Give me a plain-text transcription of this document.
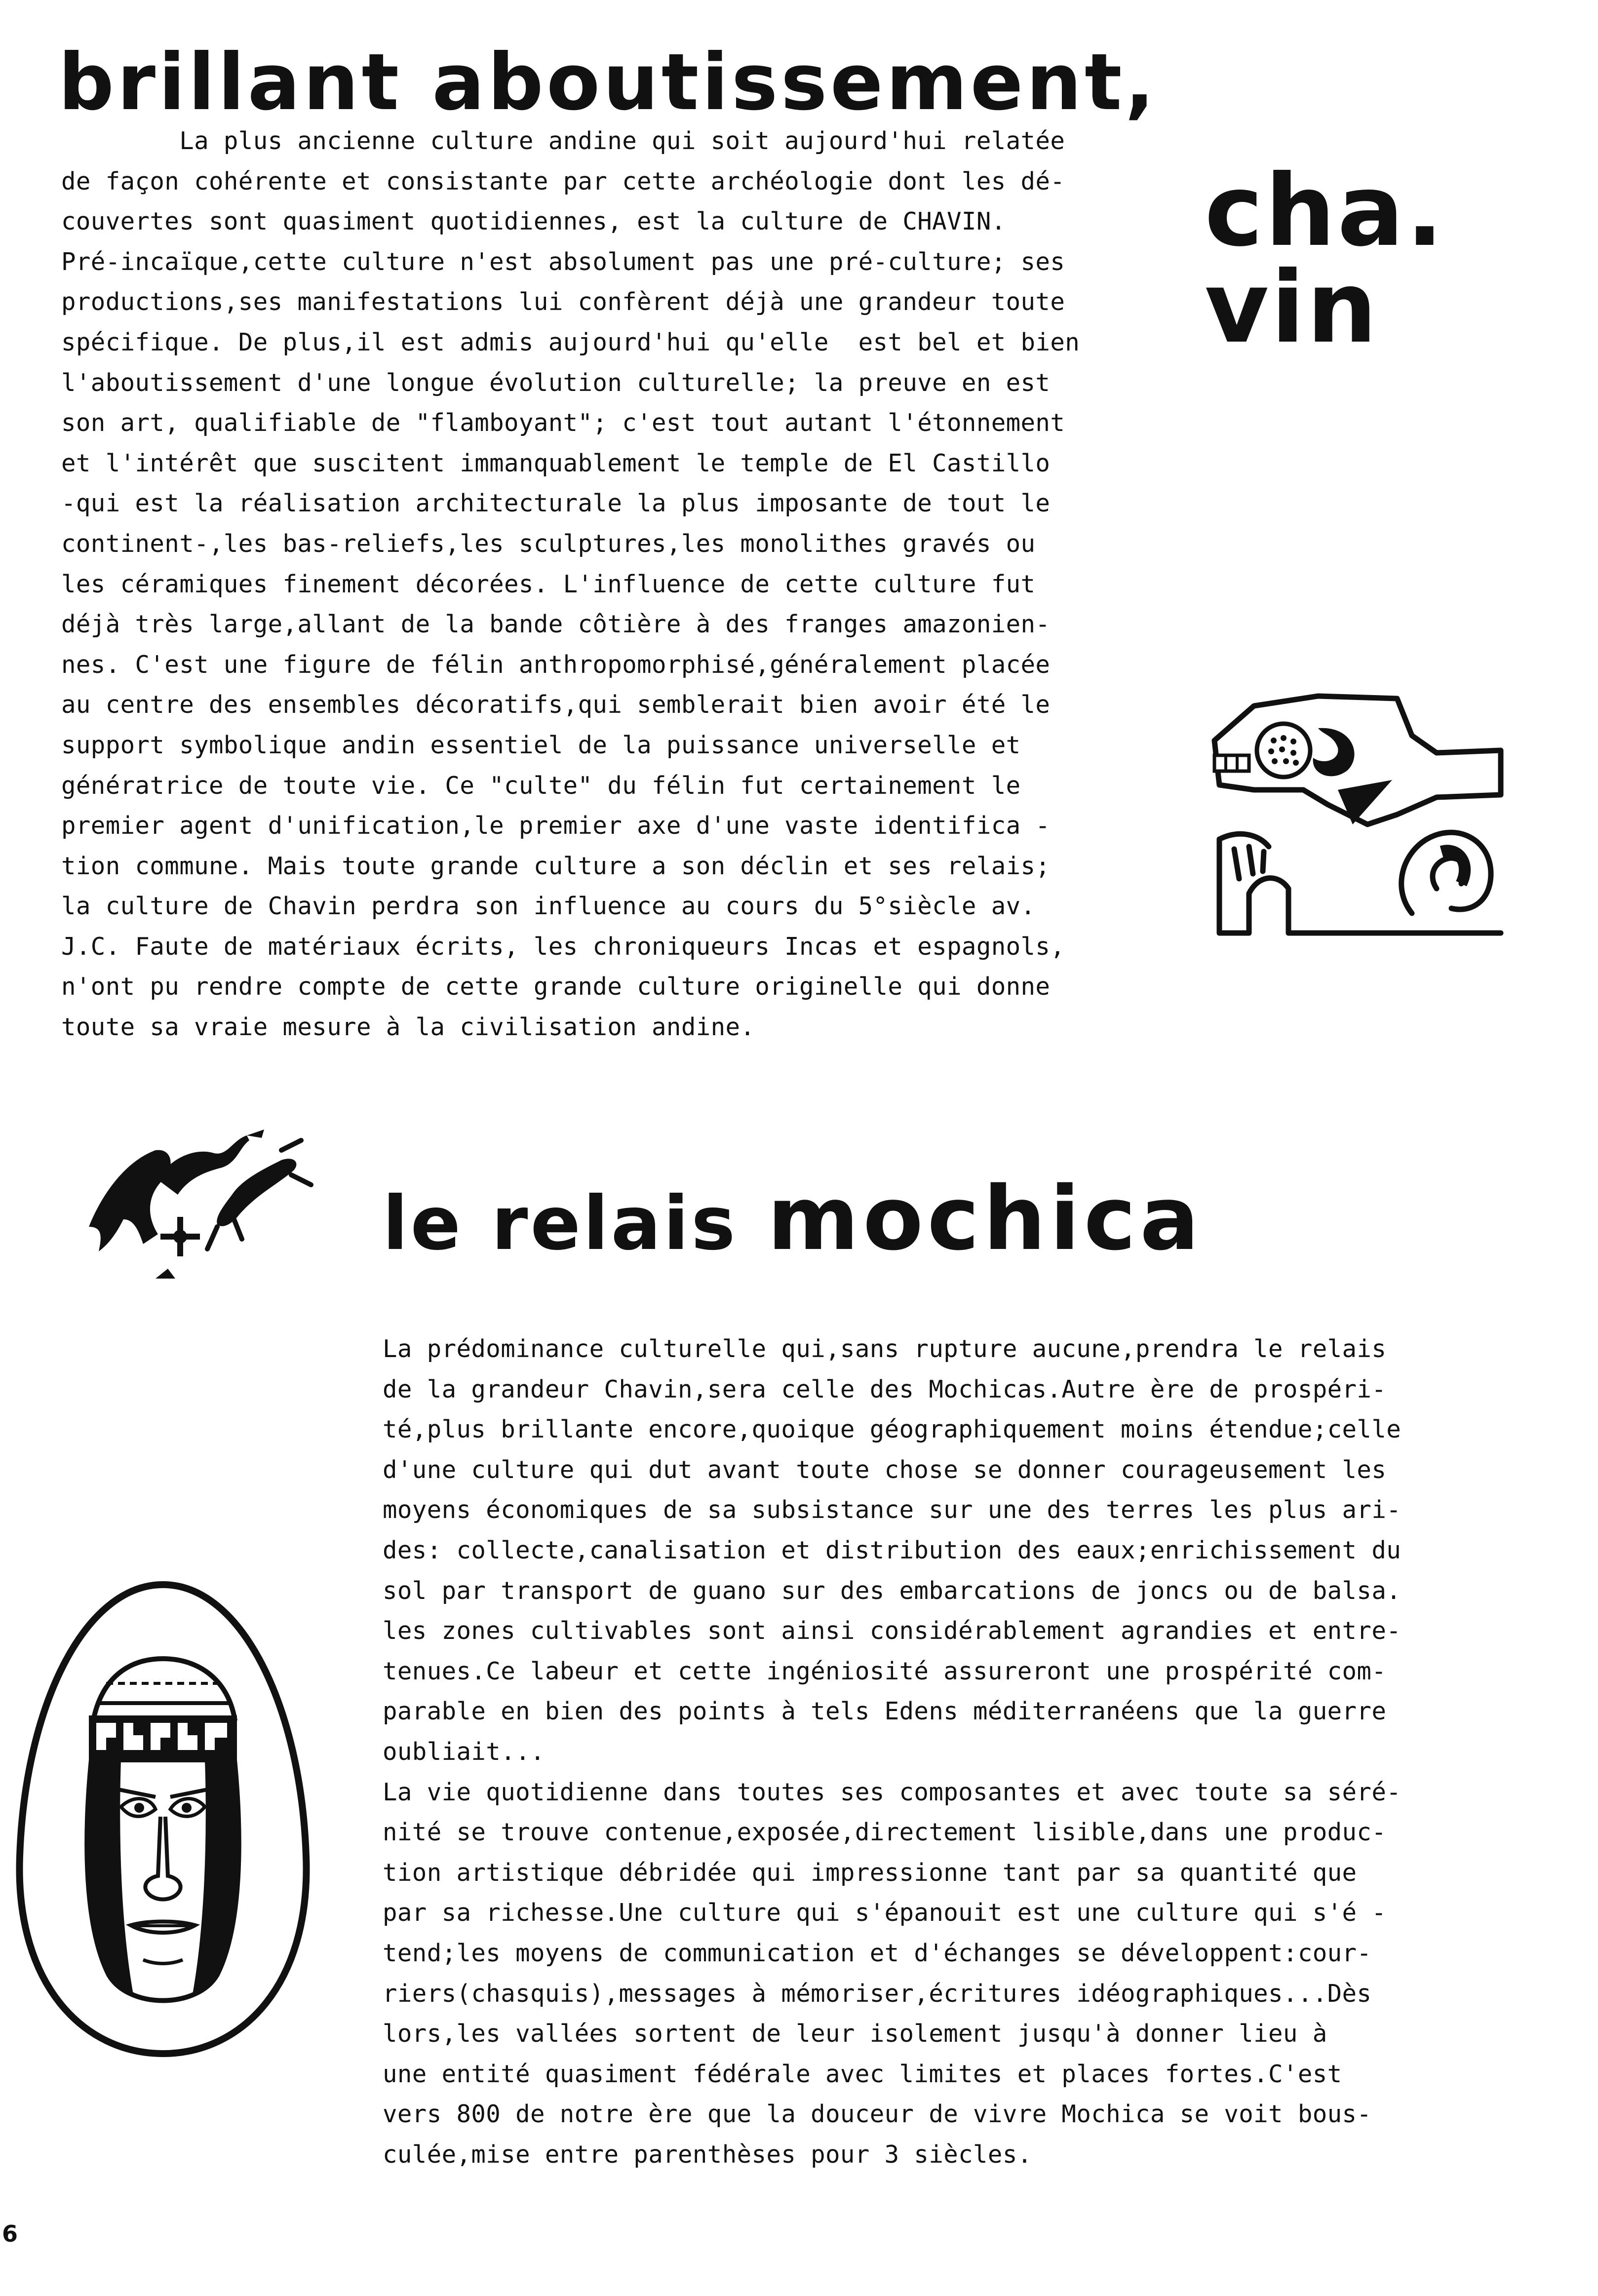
brillant aboutissement,
cha.
vin
La plus ancienne culture andine qui soit aujourd'hui relatée
de façon cohérente et consistante par cette archéologie dont les dé-
couvertes sont quasiment quotidiennes, est la culture de CHAVIN.
Pré-incaïque,cette culture n'est absolument pas une pré-culture; ses
productions,ses manifestations lui confèrent déjà une grandeur toute
spécifique. De plus,il est admis aujourd'hui qu'elle  est bel et bien
l'aboutissement d'une longue évolution culturelle; la preuve en est
son art, qualifiable de "flamboyant"; c'est tout autant l'étonnement
et l'intérêt que suscitent immanquablement le temple de El Castillo
-qui est la réalisation architecturale la plus imposante de tout le
continent-,les bas-reliefs,les sculptures,les monolithes gravés ou
les céramiques finement décorées. L'influence de cette culture fut
déjà très large,allant de la bande côtière à des franges amazonien-
nes. C'est une figure de félin anthropomorphisé,généralement placée
au centre des ensembles décoratifs,qui semblerait bien avoir été le
support symbolique andin essentiel de la puissance universelle et
génératrice de toute vie. Ce "culte" du félin fut certainement le
premier agent d'unification,le premier axe d'une vaste identifica -
tion commune. Mais toute grande culture a son déclin et ses relais;
la culture de Chavin perdra son influence au cours du 5°siècle av.
J.C. Faute de matériaux écrits, les chroniqueurs Incas et espagnols,
n'ont pu rendre compte de cette grande culture originelle qui donne
toute sa vraie mesure à la civilisation andine.
le relais mochica
La prédominance culturelle qui,sans rupture aucune,prendra le relais
de la grandeur Chavin,sera celle des Mochicas.Autre ère de prospéri-
té,plus brillante encore,quoique géographiquement moins étendue;celle
d'une culture qui dut avant toute chose se donner courageusement les
moyens économiques de sa subsistance sur une des terres les plus ari-
des: collecte,canalisation et distribution des eaux;enrichissement du
sol par transport de guano sur des embarcations de joncs ou de balsa.
les zones cultivables sont ainsi considérablement agrandies et entre-
tenues.Ce labeur et cette ingéniosité assureront une prospérité com-
parable en bien des points à tels Edens méditerranéens que la guerre
oubliait...
La vie quotidienne dans toutes ses composantes et avec toute sa séré-
nité se trouve contenue,exposée,directement lisible,dans une produc-
tion artistique débridée qui impressionne tant par sa quantité que
par sa richesse.Une culture qui s'épanouit est une culture qui s'é -
tend;les moyens de communication et d'échanges se développent:cour-
riers(chasquis),messages à mémoriser,écritures idéographiques...Dès
lors,les vallées sortent de leur isolement jusqu'à donner lieu à
une entité quasiment fédérale avec limites et places fortes.C'est
vers 800 de notre ère que la douceur de vivre Mochica se voit bous-
culée,mise entre parenthèses pour 3 siècles.

6
